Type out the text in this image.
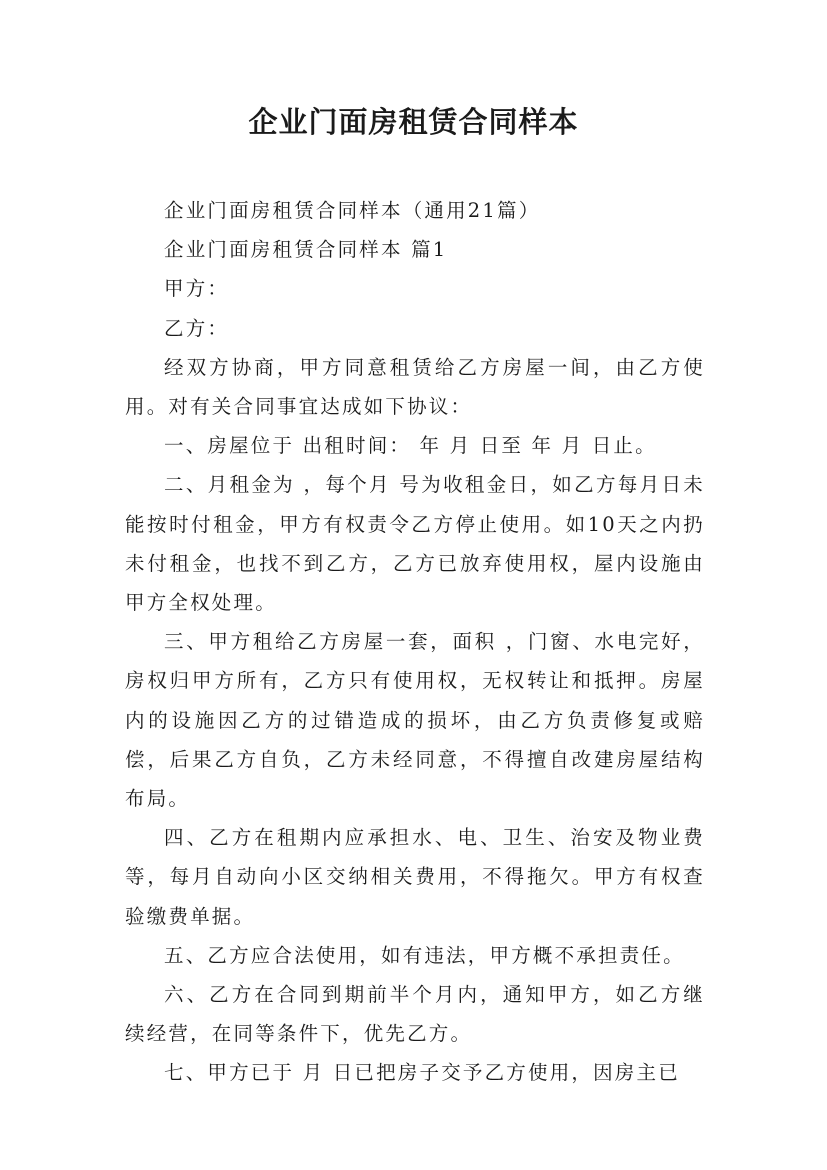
企业门面房租赁合同样本

企业门面房租赁合同样本（通用21篇）

企业门面房租赁合同样本 篇1

甲方：

乙方：

经双方协商，甲方同意租赁给乙方房屋一间，由乙方使用。对有关合同事宜达成如下协议：

一、房屋位于 出租时间： 年 月 日至 年 月 日止。

二、月租金为 ，每个月 号为收租金日，如乙方每月日未能按时付租金，甲方有权责令乙方停止使用。如10天之内扔未付租金，也找不到乙方，乙方已放弃使用权，屋内设施由甲方全权处理。

三、甲方租给乙方房屋一套，面积 ，门窗、水电完好，房权归甲方所有，乙方只有使用权，无权转让和抵押。房屋内的设施因乙方的过错造成的损坏，由乙方负责修复或赔偿，后果乙方自负，乙方未经同意，不得擅自改建房屋结构布局。

四、乙方在租期内应承担水、电、卫生、治安及物业费等，每月自动向小区交纳相关费用，不得拖欠。甲方有权查验缴费单据。

五、乙方应合法使用，如有违法，甲方概不承担责任。

六、乙方在合同到期前半个月内，通知甲方，如乙方继续经营，在同等条件下，优先乙方。

七、甲方已于 月 日已把房子交予乙方使用，因房主已
